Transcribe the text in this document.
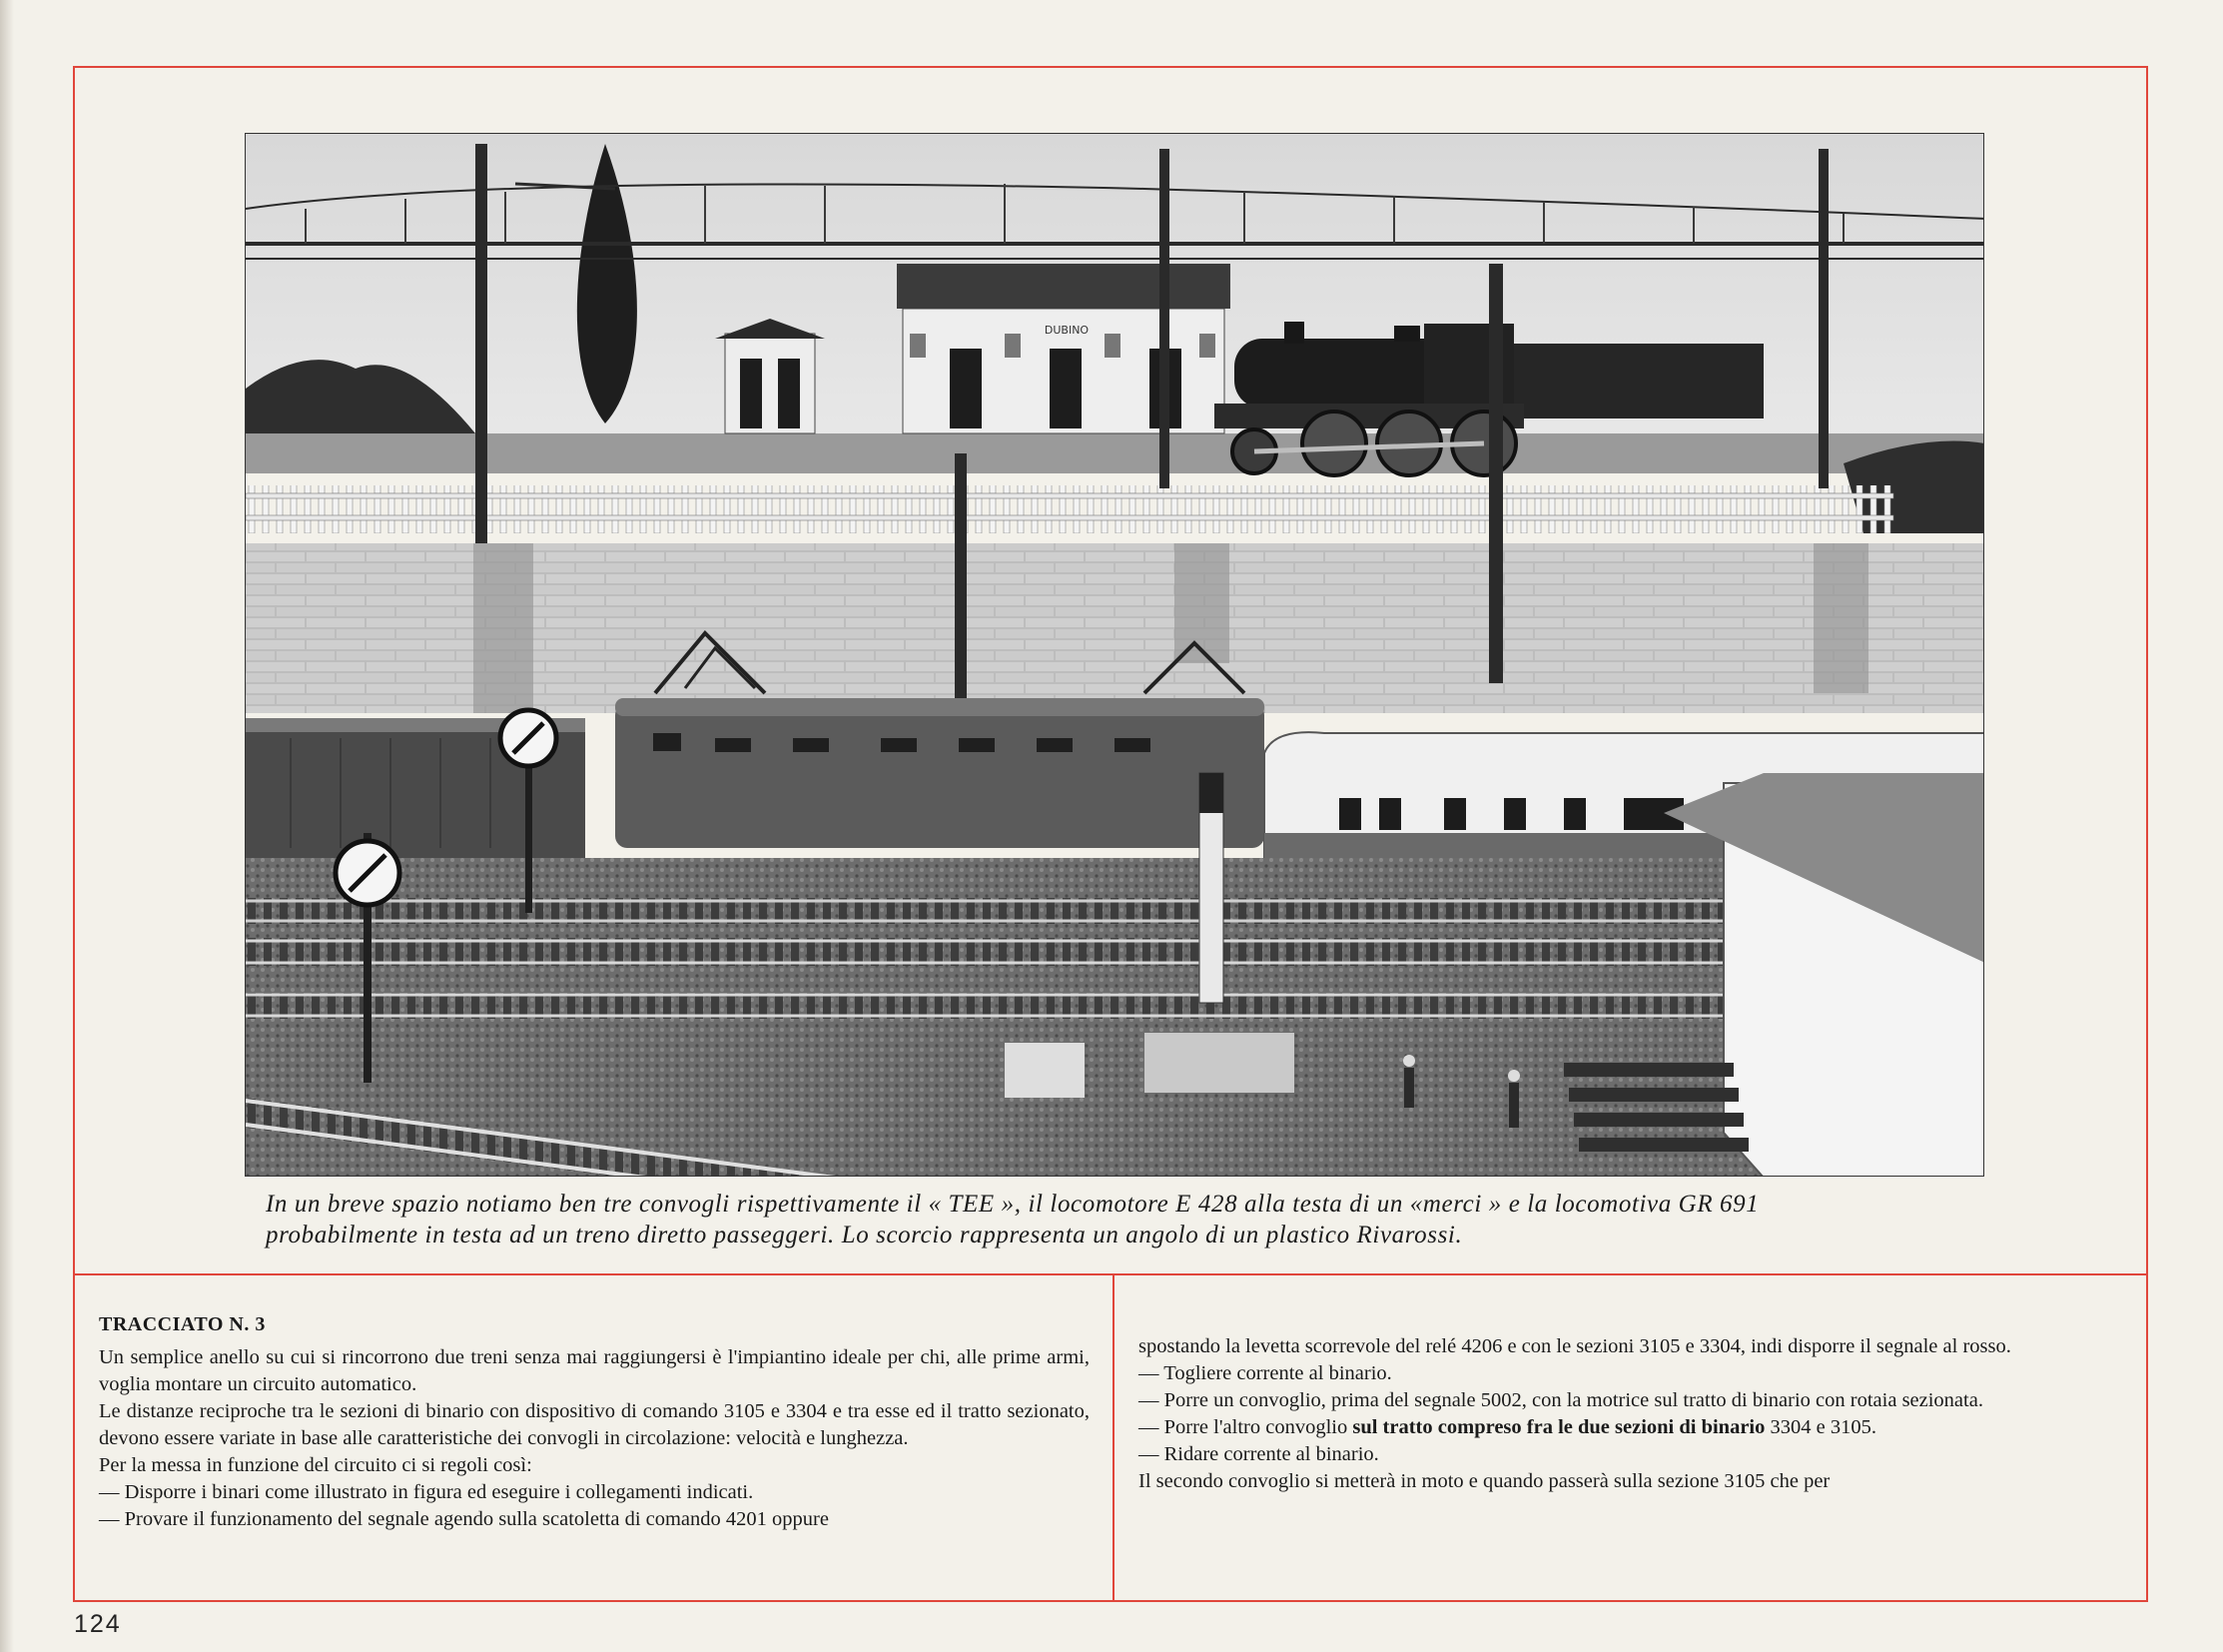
DUBINO
In un breve spazio notiamo ben tre convogli rispettivamente il « TEE », il locomotore E 428 alla testa di un «merci » e la locomotiva GR 691
probabilmente in testa ad un treno diretto passeggeri. Lo scorcio rappresenta un angolo di un plastico Rivarossi.

TRACCIATO N. 3

Un semplice anello su cui si rincorrono due treni senza mai raggiungersi è l'impiantino ideale per chi, alle prime armi, voglia montare un circuito automatico.

Le distanze reciproche tra le sezioni di binario con dispositivo di comando 3105 e 3304 e tra esse ed il tratto sezionato, devono essere variate in base alle caratteristiche dei convogli in circolazione: velocità e lunghezza.

Per la messa in funzione del circuito ci si regoli così:

— Disporre i binari come illustrato in figura ed eseguire i collegamenti indicati.

— Provare il funzionamento del segnale agendo sulla scatoletta di comando 4201 oppure

spostando la levetta scorrevole del relé 4206 e con le sezioni 3105 e 3304, indi disporre il segnale al rosso.

— Togliere corrente al binario.

— Porre un convoglio, prima del segnale 5002, con la motrice sul tratto di binario con rotaia sezionata.

— Porre l'altro convoglio sul tratto compreso fra le due sezioni di binario 3304 e 3105.

— Ridare corrente al binario.

Il secondo convoglio si metterà in moto e quando passerà sulla sezione 3105 che per

124
